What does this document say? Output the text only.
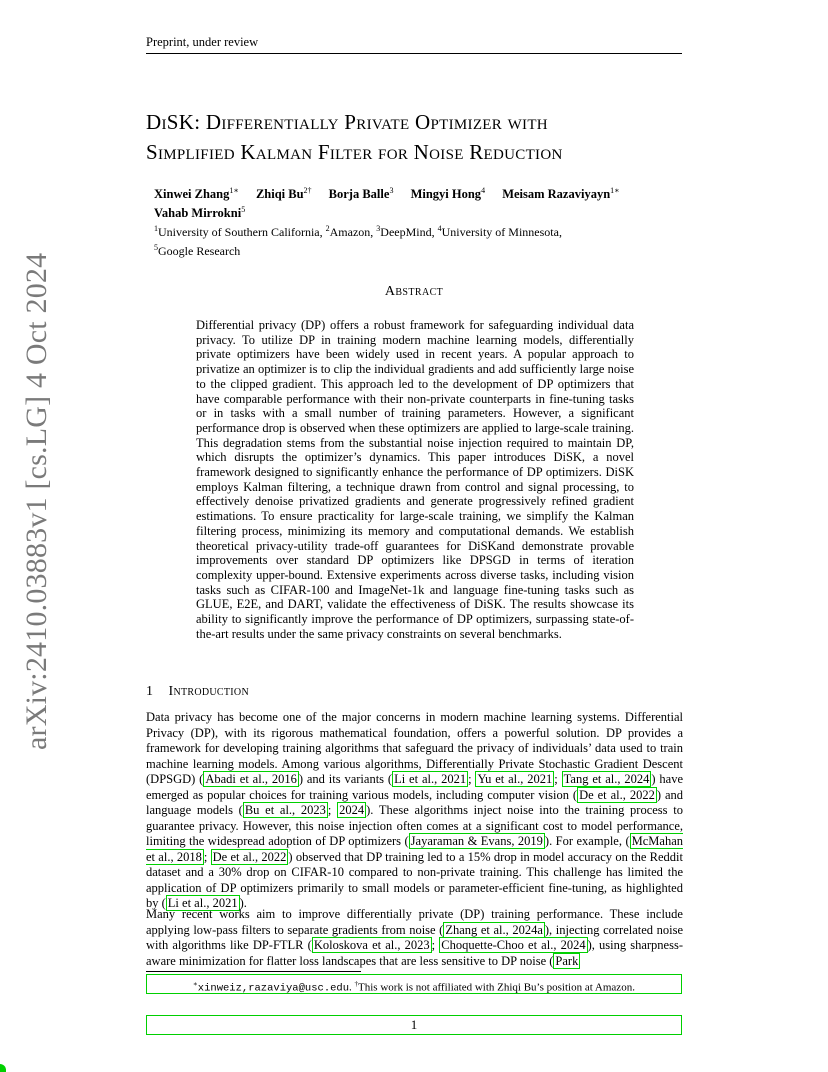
Preprint, under review
arXiv:2410.03883v1 [cs.LG] 4 Oct 2024
DiSK: Differentially Private Optimizer with
Simplified Kalman Filter for Noise Reduction
Xinwei Zhang$^{1∗}$ Zhiqi $Bu^{2\dagger}$ Borja Balle$^3$ Mingyi Hong$^4$ Meisam Razaviyayn$^{1∗}$
Vahab Mirrokni$^5$
$^1$University of Southern California, $^2$Amazon, $^3$DeepMind, $^4$University of Minnesota,
$^5$Google Research
Abstract
Differential privacy (DP) offers a robust framework for safeguarding individual data privacy. To utilize DP in training modern machine learning models, differentially private optimizers have been widely used in recent years. A popular approach to privatize an optimizer is to clip the individual gradients and add sufficiently large noise to the clipped gradient. This approach led to the development of DP optimizers that have comparable performance with their non-private counterparts in fine-tuning tasks or in tasks with a small number of training parameters. However, a significant performance drop is observed when these optimizers are applied to large-scale training. This degradation stems from the substantial noise injection required to maintain DP, which disrupts the optimizer’s dynamics. This paper introduces DiSK, a novel framework designed to significantly enhance the performance of DP optimizers. DiSK employs Kalman filtering, a technique drawn from control and signal processing, to effectively denoise privatized gradients and generate progressively refined gradient estimations. To ensure practicality for large-scale training, we simplify the Kalman filtering process, minimizing its memory and computational demands. We establish theoretical privacy-utility trade-off guarantees for DiSKand demonstrate provable improvements over standard DP optimizers like DPSGD in terms of iteration complexity upper-bound. Extensive experiments across diverse tasks, including vision tasks such as CIFAR-100 and ImageNet-1k and language fine-tuning tasks such as GLUE, E2E, and DART, validate the effectiveness of DiSK. The results showcase its ability to significantly improve the performance of DP optimizers, surpassing state-of-the-art results under the same privacy constraints on several benchmarks.
1 Introduction
Data privacy has become one of the major concerns in modern machine learning systems. Differential Privacy (DP), with its rigorous mathematical foundation, offers a powerful solution. DP provides a framework for developing training algorithms that safeguard the privacy of individuals’ data used to train machine learning models. Among various algorithms, Differentially Private Stochastic Gradient Descent (DPSGD) ( Abadi et al., 2016 ) and its variants ( Li et al., 2021 ; Yu et al., 2021 ; Tang et al., 2024 ) have emerged as popular choices for training various models, including computer vision ( De et al., 2022 ) and language models ( Bu et al., 2023 ; 2024 ). These algorithms inject noise into the training process to guarantee privacy. However, this noise injection often comes at a significant cost to model performance, limiting the widespread adoption of DP optimizers ( Jayaraman & Evans, 2019 ). For example, ( McMahan et al., 2018 ; De et al., 2022 ) observed that DP training led to a 15% drop in model accuracy on the Reddit dataset and a 30% drop on CIFAR-10 compared to non-private training. This challenge has limited the application of DP optimizers primarily to small models or parameter-efficient fine-tuning, as highlighted by ( Li et al., 2021 ).
Many recent works aim to improve differentially private (DP) training performance. These include applying low-pass filters to separate gradients from noise ( Zhang et al., 2024a ), injecting correlated noise with algorithms like DP-FTLR ( Koloskova et al., 2023 ; Choquette-Choo et al., 2024 ), using sharpness-aware minimization for flatter loss landscapes that are less sensitive to DP noise ( Park
∗xinweiz,razaviya@usc.edu. †This work is not affiliated with Zhiqi Bu’s position at Amazon.
1
